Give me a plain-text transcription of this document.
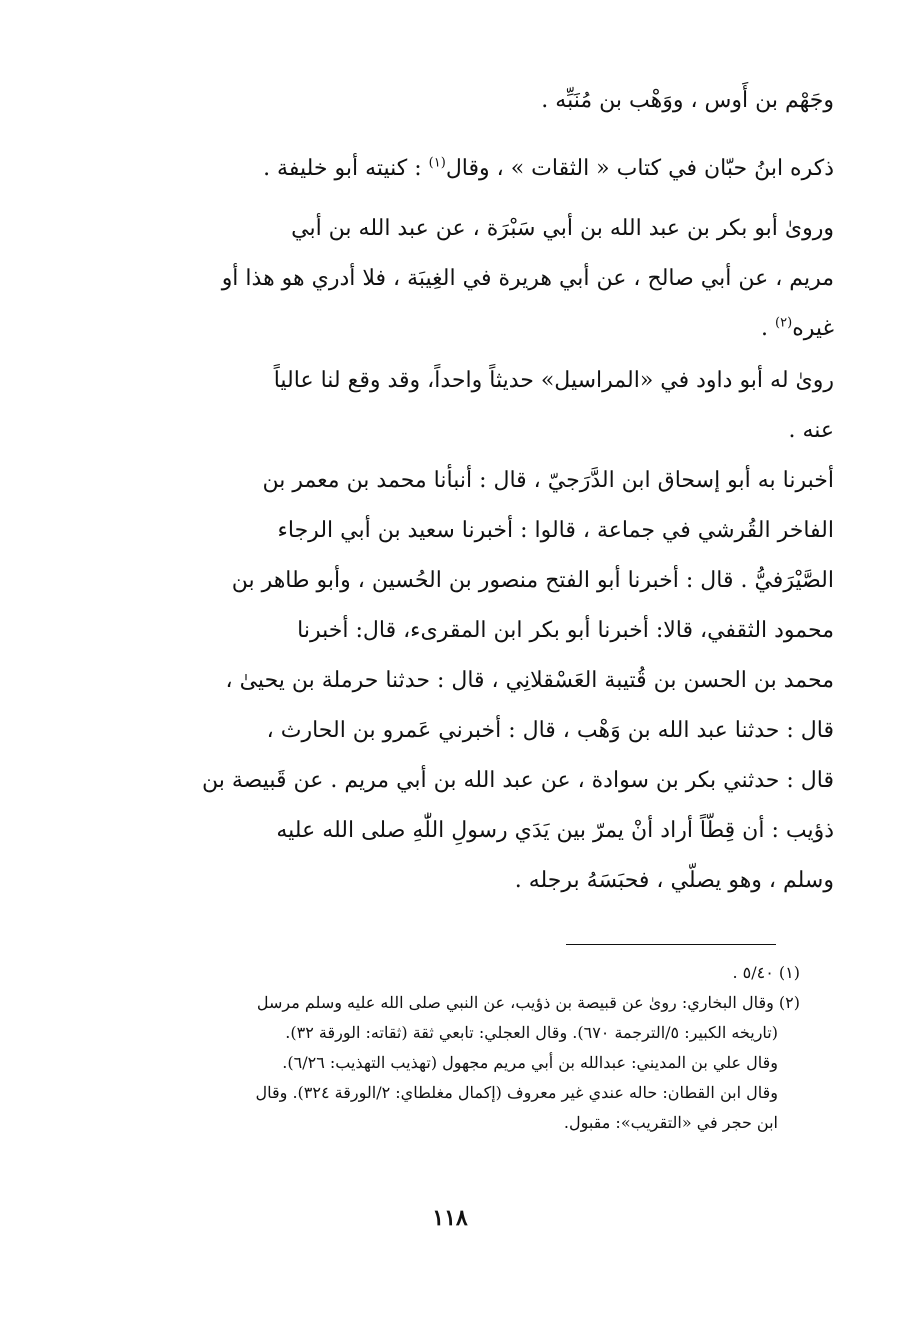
وجَهْم بن أَوس ، ووَهْب بن مُنَبِّه .
ذكره ابنُ حبّان في كتاب « الثقات » ، وقال$^{(١)}$ : كنيته أبو خليفة .
وروىٰ أبو بكر بن عبد الله بن أبي سَبْرَة ، عن عبد الله بن أبي
مريم ، عن أبي صالح ، عن أبي هريرة في الغِيبَة ، فلا أدري هو هذا أو
غيره$^{(٢)}$ .
روىٰ له أبو داود في «المراسيل» حديثاً واحداً، وقد وقع لنا عالياً
عنه .
أخبرنا به أبو إسحاق ابن الدَّرَجيّ ، قال : أنبأنا محمد بن معمر بن
الفاخر القُرشي في جماعة ، قالوا : أخبرنا سعيد بن أبي الرجاء
الصَّيْرَفيُّ . قال : أخبرنا أبو الفتح منصور بن الحُسين ، وأبو طاهر بن
محمود الثقفي، قالا: أخبرنا أبو بكر ابن المقرىء، قال: أخبرنا
محمد بن الحسن بن قُتيبة العَسْقلانِي ، قال : حدثنا حرملة بن يحيىٰ ،
قال : حدثنا عبد الله بن وَهْب ، قال : أخبرني عَمرو بن الحارث ،
قال : حدثني بكر بن سوادة ، عن عبد الله بن أبي مريم . عن قَبيصة بن
ذؤيب : أن قِطّاً أراد أنْ يمرّ بين يَدَي رسولِ اللّٰهِ صلى الله عليه
وسلم ، وهو يصلّي ، فحبَسَهُ برجله .
(١) ٥/٤٠ .
(٢) وقال البخاري: روىٰ عن قبيصة بن ذؤيب، عن النبي صلى الله عليه وسلم مرسل
(تاريخه الكبير: ٥/الترجمة ٦٧٠). وقال العجلي: تابعي ثقة (ثقاته: الورقة ٣٢).
وقال علي بن المديني: عبدالله بن أبي مريم مجهول (تهذيب التهذيب: ٦/٢٦).
وقال ابن القطان: حاله عندي غير معروف (إكمال مغلطاي: ٢/الورقة ٣٢٤). وقال
ابن حجر في «التقريب»: مقبول.
١١٨
